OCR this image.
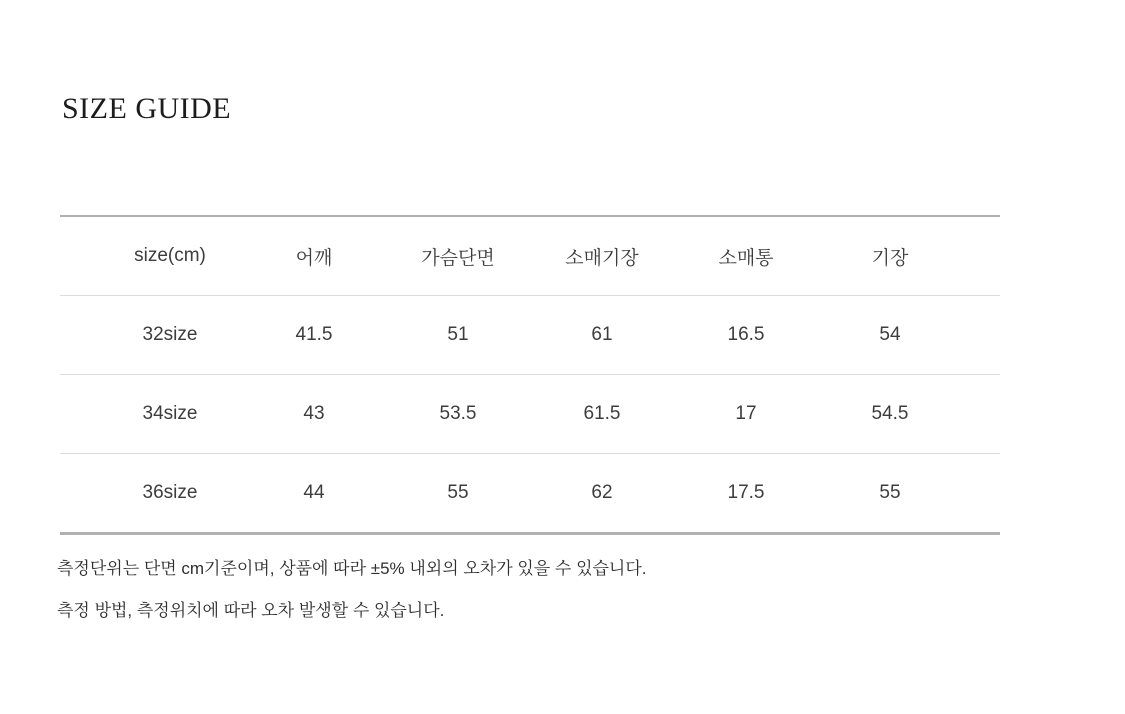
SIZE GUIDE
size(cm)	어깨	가슴단면	소매기장	소매통	기장
32size	41.5	51	61	16.5	54
34size	43	53.5	61.5	17	54.5
36size	44	55	62	17.5	55

측정단위는 단면 cm기준이며, 상품에 따라 ±5% 내외의 오차가 있을 수 있습니다.

측정 방법, 측정위치에 따라 오차 발생할 수 있습니다.
